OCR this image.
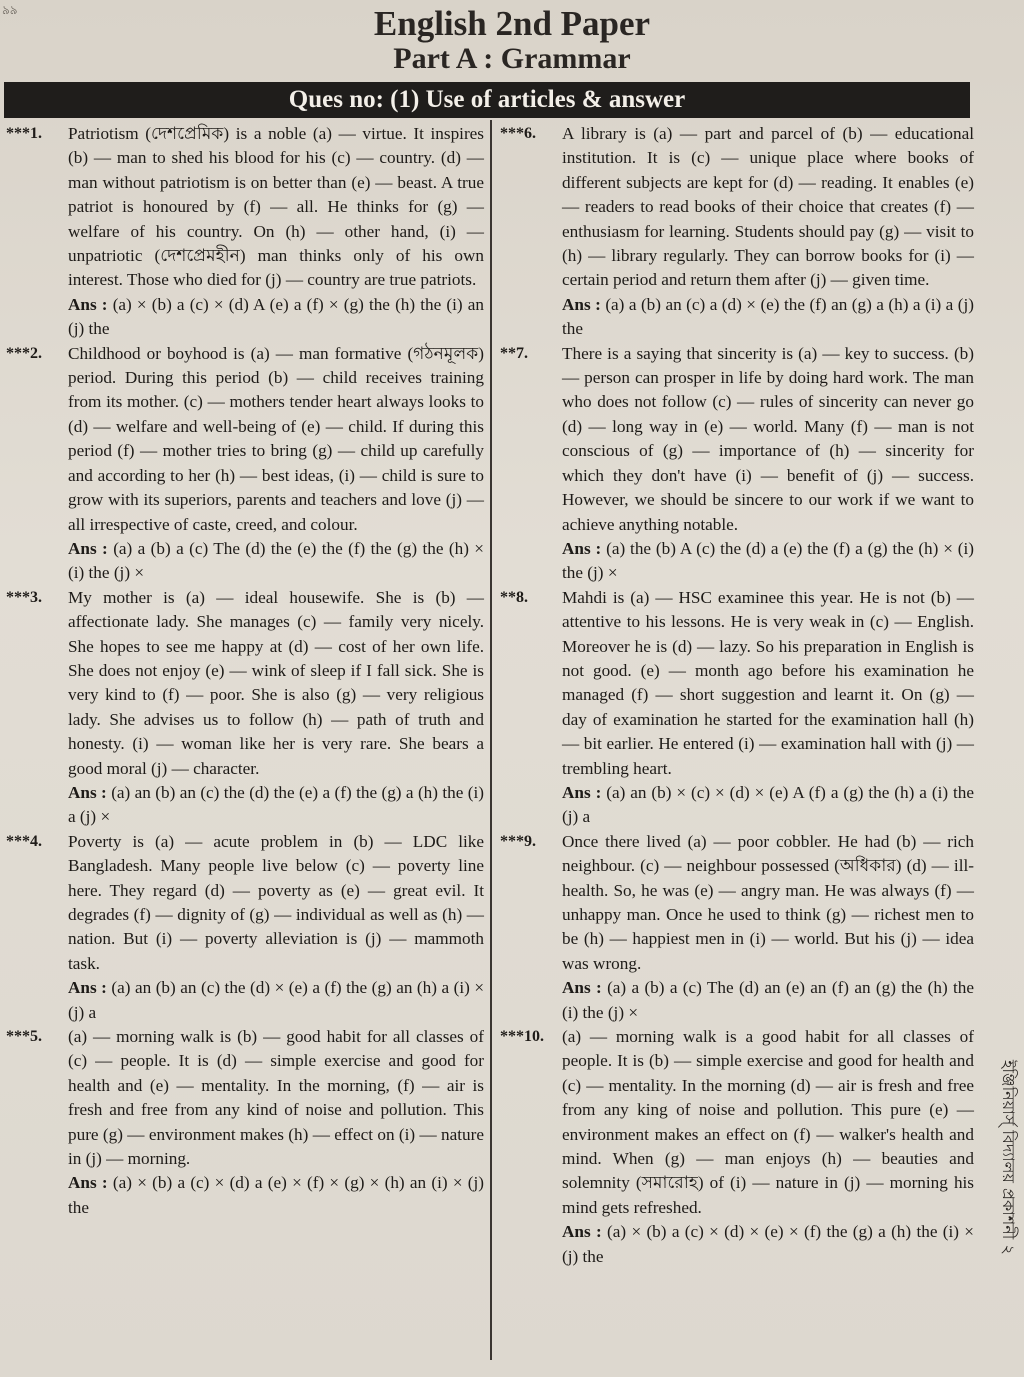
৯৯	English 2nd Paper
Part A : Grammar
Ques no: (1) Use of articles & answer
***1.	Patriotism (দেশপ্রেমিক) is a noble (a) — virtue. It inspires (b) — man to shed his blood for his (c) — country. (d) — man without patriotism is on better than (e) — beast. A true patriot is honoured by (f) — all. He thinks for (g) — welfare of his country. On (h) — other hand, (i) — unpatriotic (দেশপ্রেমহীন) man thinks only of his own interest. Those who died for (j) — country are true patriots.
Ans : (a) × (b) a (c) × (d) A (e) a (f) × (g) the (h) the (i) an (j) the
***2.	Childhood or boyhood is (a) — man formative (গঠনমূলক) period. During this period (b) — child receives training from its mother. (c) — mothers tender heart always looks to (d) — welfare and well-being of (e) — child. If during this period (f) — mother tries to bring (g) — child up carefully and according to her (h) — best ideas, (i) — child is sure to grow with its superiors, parents and teachers and love (j) — all irrespective of caste, creed, and colour.
Ans : (a) a (b) a (c) The (d) the (e) the (f) the (g) the (h) × (i) the (j) ×
***3.	My mother is (a) — ideal housewife. She is (b) — affectionate lady. She manages (c) — family very nicely. She hopes to see me happy at (d) — cost of her own life. She does not enjoy (e) — wink of sleep if I fall sick. She is very kind to (f) — poor. She is also (g) — very religious lady. She advises us to follow (h) — path of truth and honesty. (i) — woman like her is very rare. She bears a good moral (j) — character.
Ans : (a) an (b) an (c) the (d) the (e) a (f) the (g) a (h) the (i) a (j) ×
***4.	Poverty is (a) — acute problem in (b) — LDC like Bangladesh. Many people live below (c) — poverty line here. They regard (d) — poverty as (e) — great evil. It degrades (f) — dignity of (g) — individual as well as (h) — nation. But (i) — poverty alleviation is (j) — mammoth task.
Ans : (a) an (b) an (c) the (d) × (e) a (f) the (g) an (h) a (i) × (j) a
***5.	(a) — morning walk is (b) — good habit for all classes of (c) — people. It is (d) — simple exercise and good for health and (e) — mentality. In the morning, (f) — air is fresh and free from any kind of noise and pollution. This pure (g) — environment makes (h) — effect on (i) — nature in (j) — morning.
Ans : (a) × (b) a (c) × (d) a (e) × (f) × (g) × (h) an (i) × (j) the
***6.	A library is (a) — part and parcel of (b) — educational institution. It is (c) — unique place where books of different subjects are kept for (d) — reading. It enables (e) — readers to read books of their choice that creates (f) — enthusiasm for learning. Students should pay (g) — visit to (h) — library regularly. They can borrow books for (i) — certain period and return them after (j) — given time.
Ans : (a) a (b) an (c) a (d) × (e) the (f) an (g) a (h) a (i) a (j) the
**7.	There is a saying that sincerity is (a) — key to success. (b) — person can prosper in life by doing hard work. The man who does not follow (c) — rules of sincerity can never go (d) — long way in (e) — world. Many (f) — man is not conscious of (g) — importance of (h) — sincerity for which they don't have (i) — benefit of (j) — success. However, we should be sincere to our work if we want to achieve anything notable.
Ans : (a) the (b) A (c) the (d) a (e) the (f) a (g) the (h) × (i) the (j) ×
**8.	Mahdi is (a) — HSC examinee this year. He is not (b) — attentive to his lessons. He is very weak in (c) — English. Moreover he is (d) — lazy. So his preparation in English is not good. (e) — month ago before his examination he managed (f) — short suggestion and learnt it. On (g) — day of examination he started for the examination hall (h) — bit earlier. He entered (i) — examination hall with (j) — trembling heart.
Ans : (a) an (b) × (c) × (d) × (e) A (f) a (g) the (h) a (i) the (j) a
***9.	Once there lived (a) — poor cobbler. He had (b) — rich neighbour. (c) — neighbour possessed (অধিকার) (d) — ill-health. So, he was (e) — angry man. He was always (f) — unhappy man. Once he used to think (g) — richest men to be (h) — happiest men in (i) — world. But his (j) — idea was wrong.
Ans : (a) a (b) a (c) The (d) an (e) an (f) an (g) the (h) the (i) the (j) ×
***10.	(a) — morning walk is a good habit for all classes of people. It is (b) — simple exercise and good for health and (c) — mentality. In the morning (d) — air is fresh and free from any king of noise and pollution. This pure (e) — environment makes an effect on (f) — walker's health and mind. When (g) — man enjoys (h) — beauties and solemnity (সমারোহ) of (i) — nature in (j) — morning his mind gets refreshed.
Ans : (a) × (b) a (c) × (d) × (e) × (f) the (g) a (h) the (i) × (j) the
ইঞ্জিনিয়ার্স্ বিদ্যালয় প্রকাশনী ২
